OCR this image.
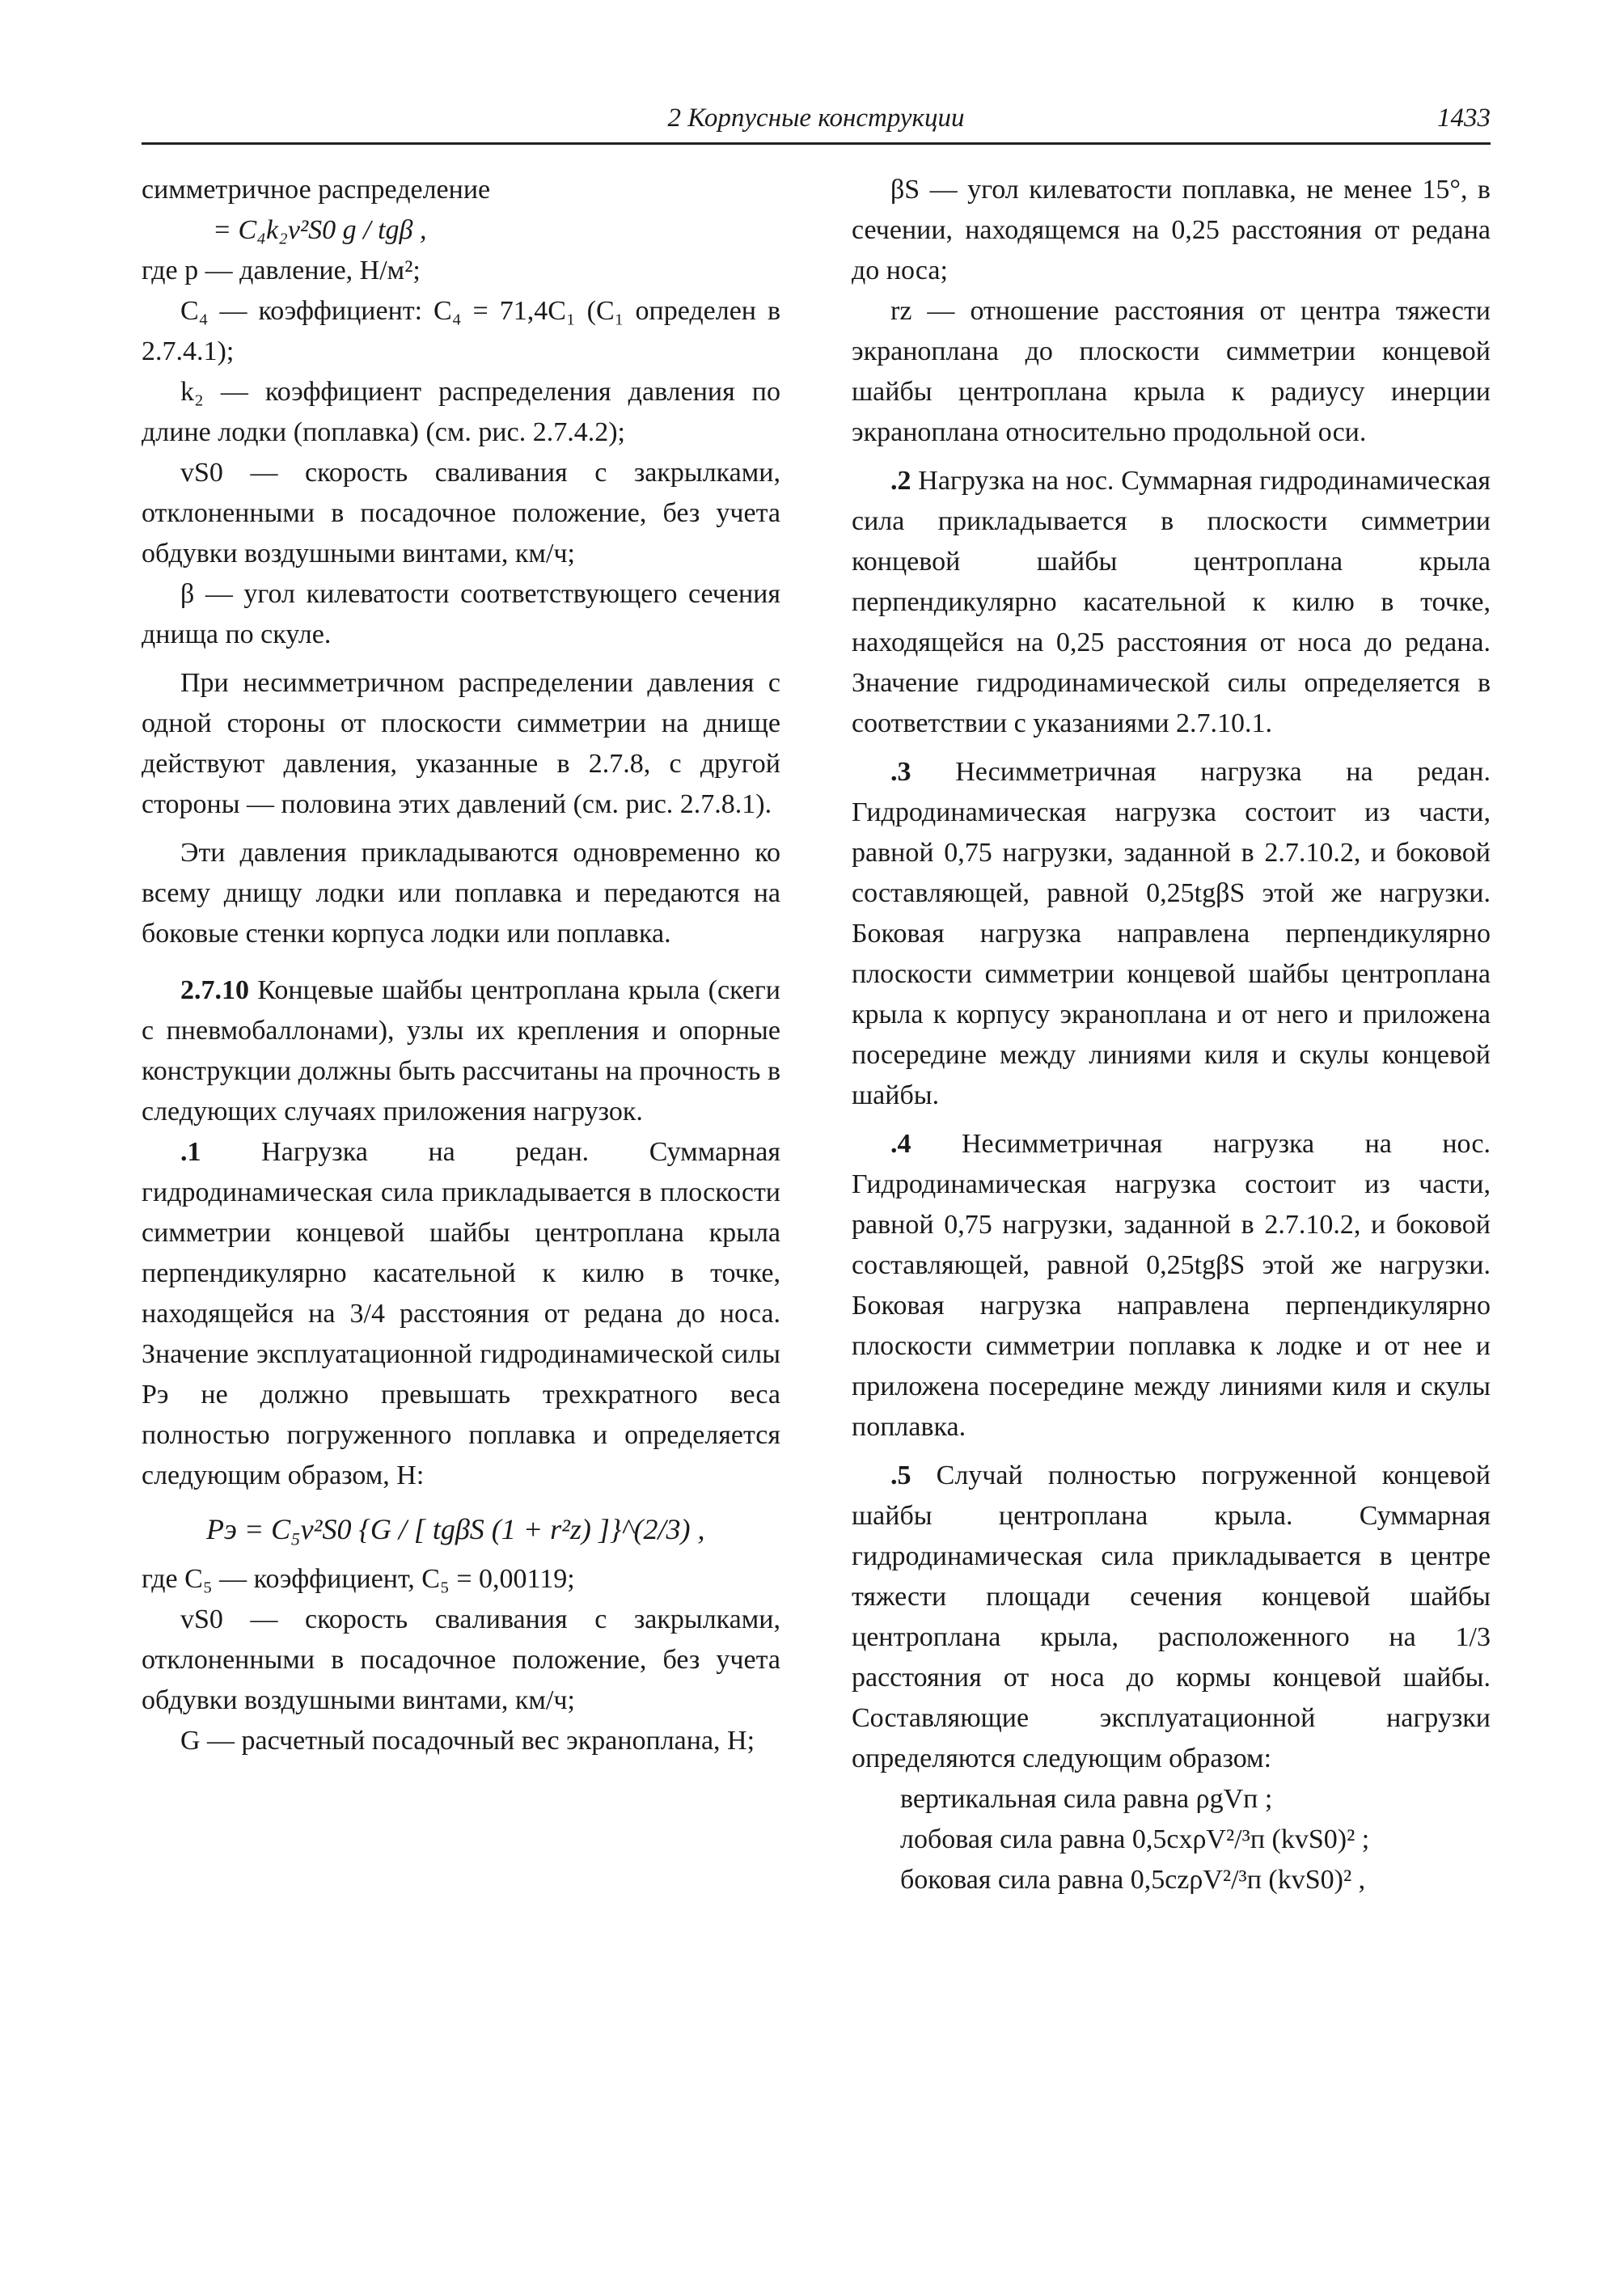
2 Корпусные конструкции	1433

симметричное распределение

= C₄k₂v²S0 g / tgβ ,

где p — давление, Н/м²;

C₄ — коэффициент: C₄ = 71,4C₁ (C₁ определен в 2.7.4.1);

k₂ — коэффициент распределения давления по длине лодки (поплавка) (см. рис. 2.7.4.2);

vS0 — скорость сваливания с закрылками, отклоненными в посадочное положение, без учета обдувки воздушными винтами, км/ч;

β — угол килеватости соответствующего сечения днища по скуле.

При несимметричном распределении давления с одной стороны от плоскости симметрии на днище действуют давления, указанные в 2.7.8, с другой стороны — половина этих давлений (см. рис. 2.7.8.1).

Эти давления прикладываются одновременно ко всему днищу лодки или поплавка и передаются на боковые стенки корпуса лодки или поплавка.

2.7.10 Концевые шайбы центроплана крыла (скеги с пневмобаллонами), узлы их крепления и опорные конструкции должны быть рассчитаны на прочность в следующих случаях приложения нагрузок.

.1 Нагрузка на редан. Суммарная гидродинамическая сила прикладывается в плоскости симметрии концевой шайбы центроплана крыла перпендикулярно касательной к килю в точке, находящейся на 3/4 расстояния от редана до носа. Значение эксплуатационной гидродинамической силы Pэ не должно превышать трехкратного веса полностью погруженного поплавка и определяется следующим образом, Н:

Pэ = C₅v²S0 {G / [ tgβS (1 + r²z) ]}^(2/3) ,

где C₅ — коэффициент, C₅ = 0,00119;

vS0 — скорость сваливания с закрылками, отклоненными в посадочное положение, без учета обдувки воздушными винтами, км/ч;

G — расчетный посадочный вес экраноплана, Н;

βS — угол килеватости поплавка, не менее 15°, в сечении, находящемся на 0,25 расстояния от редана до носа;

rz — отношение расстояния от центра тяжести экраноплана до плоскости симметрии концевой шайбы центроплана крыла к радиусу инерции экраноплана относительно продольной оси.

.2 Нагрузка на нос. Суммарная гидродинамическая сила прикладывается в плоскости симметрии концевой шайбы центроплана крыла перпендикулярно касательной к килю в точке, находящейся на 0,25 расстояния от носа до редана. Значение гидродинамической силы определяется в соответствии с указаниями 2.7.10.1.

.3 Несимметричная нагрузка на редан. Гидродинамическая нагрузка состоит из части, равной 0,75 нагрузки, заданной в 2.7.10.2, и боковой составляющей, равной 0,25tgβS этой же нагрузки. Боковая нагрузка направлена перпендикулярно плоскости симметрии концевой шайбы центроплана крыла к корпусу экраноплана и от него и приложена посередине между линиями киля и скулы концевой шайбы.

.4 Несимметричная нагрузка на нос. Гидродинамическая нагрузка состоит из части, равной 0,75 нагрузки, заданной в 2.7.10.2, и боковой составляющей, равной 0,25tgβS этой же нагрузки. Боковая нагрузка направлена перпендикулярно плоскости симметрии поплавка к лодке и от нее и приложена посередине между линиями киля и скулы поплавка.

.5 Случай полностью погруженной концевой шайбы центроплана крыла. Суммарная гидродинамическая сила прикладывается в центре тяжести площади сечения концевой шайбы центроплана крыла, расположенного на 1/3 расстояния от носа до кормы концевой шайбы. Составляющие эксплуатационной нагрузки определяются следующим образом:

вертикальная сила равна ρgVп ;

лобовая сила равна 0,5cxρV²/³п (kvS0)² ;

боковая сила равна 0,5czρV²/³п (kvS0)² ,
